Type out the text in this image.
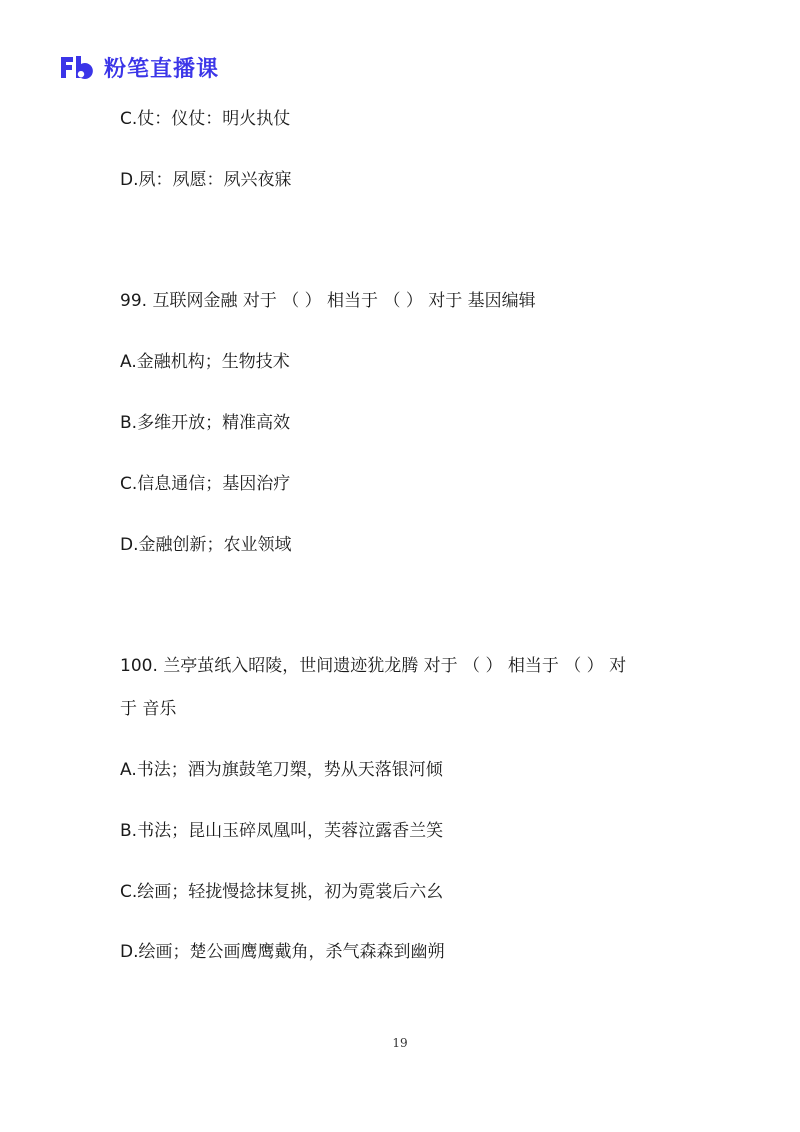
粉笔直播课
C.仗：仪仗：明火执仗
D.夙：夙愿：夙兴夜寐
99. 互联网金融 对于 （ ） 相当于 （ ） 对于 基因编辑
A.金融机构；生物技术
B.多维开放；精准高效
C.信息通信；基因治疗
D.金融创新；农业领域
100. 兰亭茧纸入昭陵，世间遗迹犹龙腾 对于 （ ） 相当于 （ ） 对
于 音乐
A.书法；酒为旗鼓笔刀槊，势从天落银河倾
B.书法；昆山玉碎凤凰叫，芙蓉泣露香兰笑
C.绘画；轻拢慢捻抹复挑，初为霓裳后六幺
D.绘画；楚公画鹰鹰戴角，杀气森森到幽朔
19
